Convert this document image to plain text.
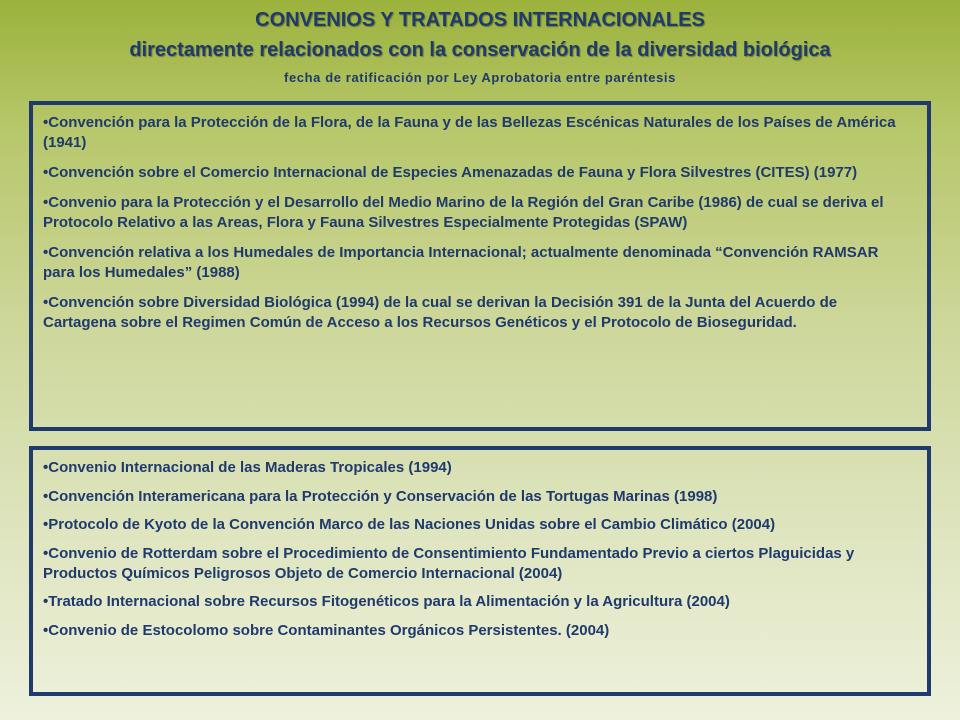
CONVENIOS Y TRATADOS INTERNACIONALES
directamente relacionados con la conservación de la diversidad biológica
fecha de ratificación por Ley Aprobatoria entre paréntesis
•Convención para la Protección de la Flora, de la Fauna y de las Bellezas Escénicas Naturales de los Países de América (1941)
•Convención sobre el Comercio Internacional de Especies Amenazadas de Fauna y Flora Silvestres (CITES) (1977)
•Convenio para la Protección y el Desarrollo del Medio Marino de la Región del Gran Caribe (1986) de cual se deriva el Protocolo Relativo a las Areas, Flora y Fauna Silvestres Especialmente Protegidas (SPAW)
•Convención relativa a los Humedales de Importancia Internacional; actualmente denominada “Convención RAMSAR para los Humedales” (1988)
•Convención sobre Diversidad Biológica (1994) de la cual se derivan la Decisión 391 de la Junta del Acuerdo de Cartagena sobre el Regimen Común de Acceso a los Recursos Genéticos y el Protocolo de Bioseguridad.
•Convenio Internacional de las Maderas Tropicales (1994)
•Convención Interamericana para la Protección y Conservación de las Tortugas Marinas (1998)
•Protocolo de Kyoto de la Convención Marco de las Naciones Unidas sobre el Cambio Climático (2004)
•Convenio de Rotterdam sobre el Procedimiento de Consentimiento Fundamentado Previo a ciertos Plaguicidas y Productos Químicos Peligrosos Objeto de Comercio Internacional (2004)
•Tratado Internacional sobre Recursos Fitogenéticos para la Alimentación y la Agricultura (2004)
•Convenio de Estocolomo sobre Contaminantes Orgánicos Persistentes. (2004)
